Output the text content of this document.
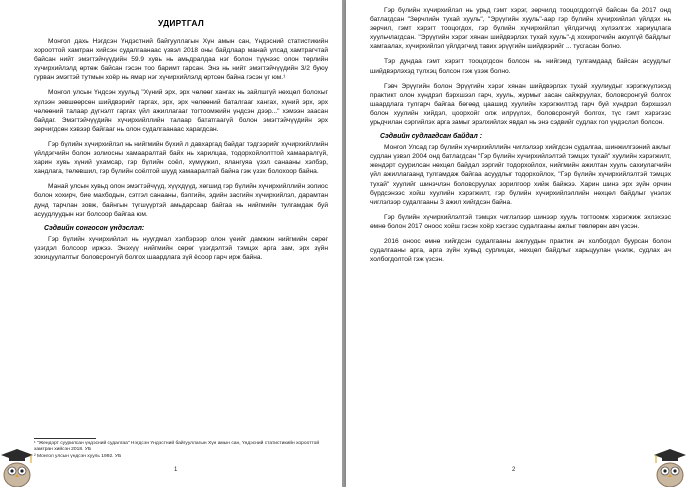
УДИРТГАЛ

Монгол дахь Нэгдсэн Үндэстний байгууллагын Хүн амын сан, Үндэсний статистикийн хорооттой хамтран хийсэн судалгаанаас үзвэл 2018 оны байдлаар манай улсад хамтрагчтай байсан нийт эмэгтэйчүүдийн 59.9 хувь нь амьдралдаа нэг болон түүнээс олон төрлийн хүчирхийлэлд өртөж байсан гэсэн тоо баримт гарсан. Энэ нь нийт эмэгтэйчүүдийн 3/2 буюу гурван эмэгтэй тутмын хоёр нь ямар нэг хүчирхийлэлд өртсөн байна гэсэн үг юм.¹

Монгол улсын Үндсэн хуульд "Хүний эрх, эрх чөлөөг хангах нь зайлшгүй нөхцөл болохыг хүлээн зөвшөөрсөн шийдвэрийг гаргах, эрх, эрх чөлөөний баталгааг хангах, хүний эрх, эрх чөлөөний талаар дүгнэлт гаргах үйл ажиллагааг тогтоомжийн үндсэн дээр..." хэмээн заасан байдаг. Эмэгтэйчүүдийн хүчирхийллийн талаар бататгаагүй болон эмэгтэйчүүдийн эрх зөрчигдсөн хэвээр байгааг нь олон судалгаанаас харагдсан.

Гэр бүлийн хүчирхийлэл нь нийгмийн бүхий л давхаргад байдаг тэдгээрийг хүчирхийллийн үйлдэгчийн болон золиосны хамааралтай байх нь харилцаа, тодорхойлолттой хамааралгүй, харин хувь хүний ухамсар, гэр бүлийн соёл, хүмүүжил, ялангуяа үзэл санааны хэлбэр, хандлага, төлөвшил, гэр бүлийн соёлтой шууд хамааралтай байна гэж үзэх болохоор байна.

Манай улсын хувьд олон эмэгтэйчүүд, хүүхдүүд, хөгшид гэр бүлийн хүчирхийллийн золиос болон хохирч, бие махбодын, сэтгэл санааны, бэлгийн, эдийн засгийн хүчирхийлэл, дарамтан дунд тарчлан зовж, байнгын түгшүүртэй амьдарсаар байгаа нь нийгмийн тулгамдаж буй асуудлуудын нэг болсоор байгаа юм.

Сэдвийн сонгосон үндэслэл:

Гэр бүлийн хүчирхийлэл нь нуугдмал хэлбэрээр олон үеийг дамжин нийгмийн сөрөг үзэгдэл болсоор иржээ. Энэхүү нийгмийн сөрөг үзэгдэлтэй тэмцэх арга зам, эрх зүйн зохицуулалтыг боловсронгуй болгох шаардлага зүй ёсоор гарч ирж байна.

¹ "Жендэрт суурилсан үндэсний судалгаа" Нэгдсэн Үндэстний байгууллагын Хүн амын сан, Үндэсний статистикийн хорооттой хамтран хийсэн 2018. УБ
² Монгол улсын үндсэн хууль 1992. УБ
1

Гэр бүлийн хүчирхийлэл нь урьд гэмт хэрэг, зөрчилд тооцогддоггүй байсан ба 2017 онд батлагдсан "Зөрчлийн тухай хууль", "Эрүүгийн хууль"-аар гэр бүлийн хүчирхийлэл үйлдэх нь зөрчил, гэмт хэрэгт тооцогдох, гэр бүлийн хүчирхийлэл үйлдэгчид хүлээлгэх хариуцлага хуульчлагдсан. "Эрүүгийн хэрэг хянан шийдвэрлэх тухай хууль"-д хохирогчийн аюулгүй байдлыг хамгаалах, хүчирхийлэл үйлдэгчид тавих эрүүгийн шийдвэрийг ... тусгасан болно.

Тэр дундаа гэмт хэрэгт тооцогдсон болсон нь нийгэмд тулгамдаад байсан асуудлыг шийдвэрлэхэд түлхэц болсон гэж үзэж болно.

Гэвч Эрүүгийн болон Эрүүгийн хэрэг хянан шийдвэрлэх тухай хуулиудыг хэрэгжүүлэхэд практикт олон хүндрэл бэрхшээл гарч, хууль, журмыг засан сайжруулах, боловсронгуй болгох шаардлага тулгарч байгаа бөгөөд цаашид хуулийн хэрэгжилтэд гарч буй хүндрэл бэрхшээл болон хуулийн хийдэл, цоорхойг олж илрүүлэх, боловсронгуй болгох, түс гэмт хэрэгээс урьдчилан сэргийлэх арга замыг эрэлхийлэх явдал нь энэ сэдвийг судлах гол үндэслэл болсон.

Сэдвийн судлагдсан байдал :

Монгол Улсад гэр бүлийн хүчирхийллийн чиглэлээр хийгдсэн судалгаа, шинжилгээний ажлыг судлан үзвэл 2004 онд батлагдсан "Гэр бүлийн хүчирхийлэлтэй тэмцэх тухай" хуулийн хэрэгжилт, жендэрт суурилсан нөхцөл байдал зэргийг тодорхойлох, нийгмийн ажилтан хууль сахиулагчийн үйл ажиллагаанд тулгамдаж байгаа асуудлыг тодорхойлох, "Гэр бүлийн хүчирхийлэлтэй тэмцэх тухай" хуулийг шинэчлэн боловсруулах зорилгоор хийж байжээ. Харин шинэ эрх зүйн орчин бүрдсэнээс хойш хуулийн хэрэгжилт, гэр бүлийн хүчирхийлэллийн нөхцөл байдлыг үнэлэх чиглэлээр судалгааны 3 ажил хийгдсэн байна.

Гэр бүлийн хүчирхийлэлтэй тэмцэх чиглэлээр шинээр хууль тогтоомж хэрэгжиж эхлэхээс өмнө болон 2017 оноос хойш гэсэн хоёр хэсгээс судалгааны ажлыг төвлөрөн авч үзсэн.

2016 оноос өмнө хийгдсэн судалгааны ажлуудын практик ач холбогдол буурсан болон судалгааны арга, арга зүйн хувьд сурлицах, нөхцөл байдлыг харьцуулан үнэлж, судлах ач холбогдолтой гэж үзсэн.

2
